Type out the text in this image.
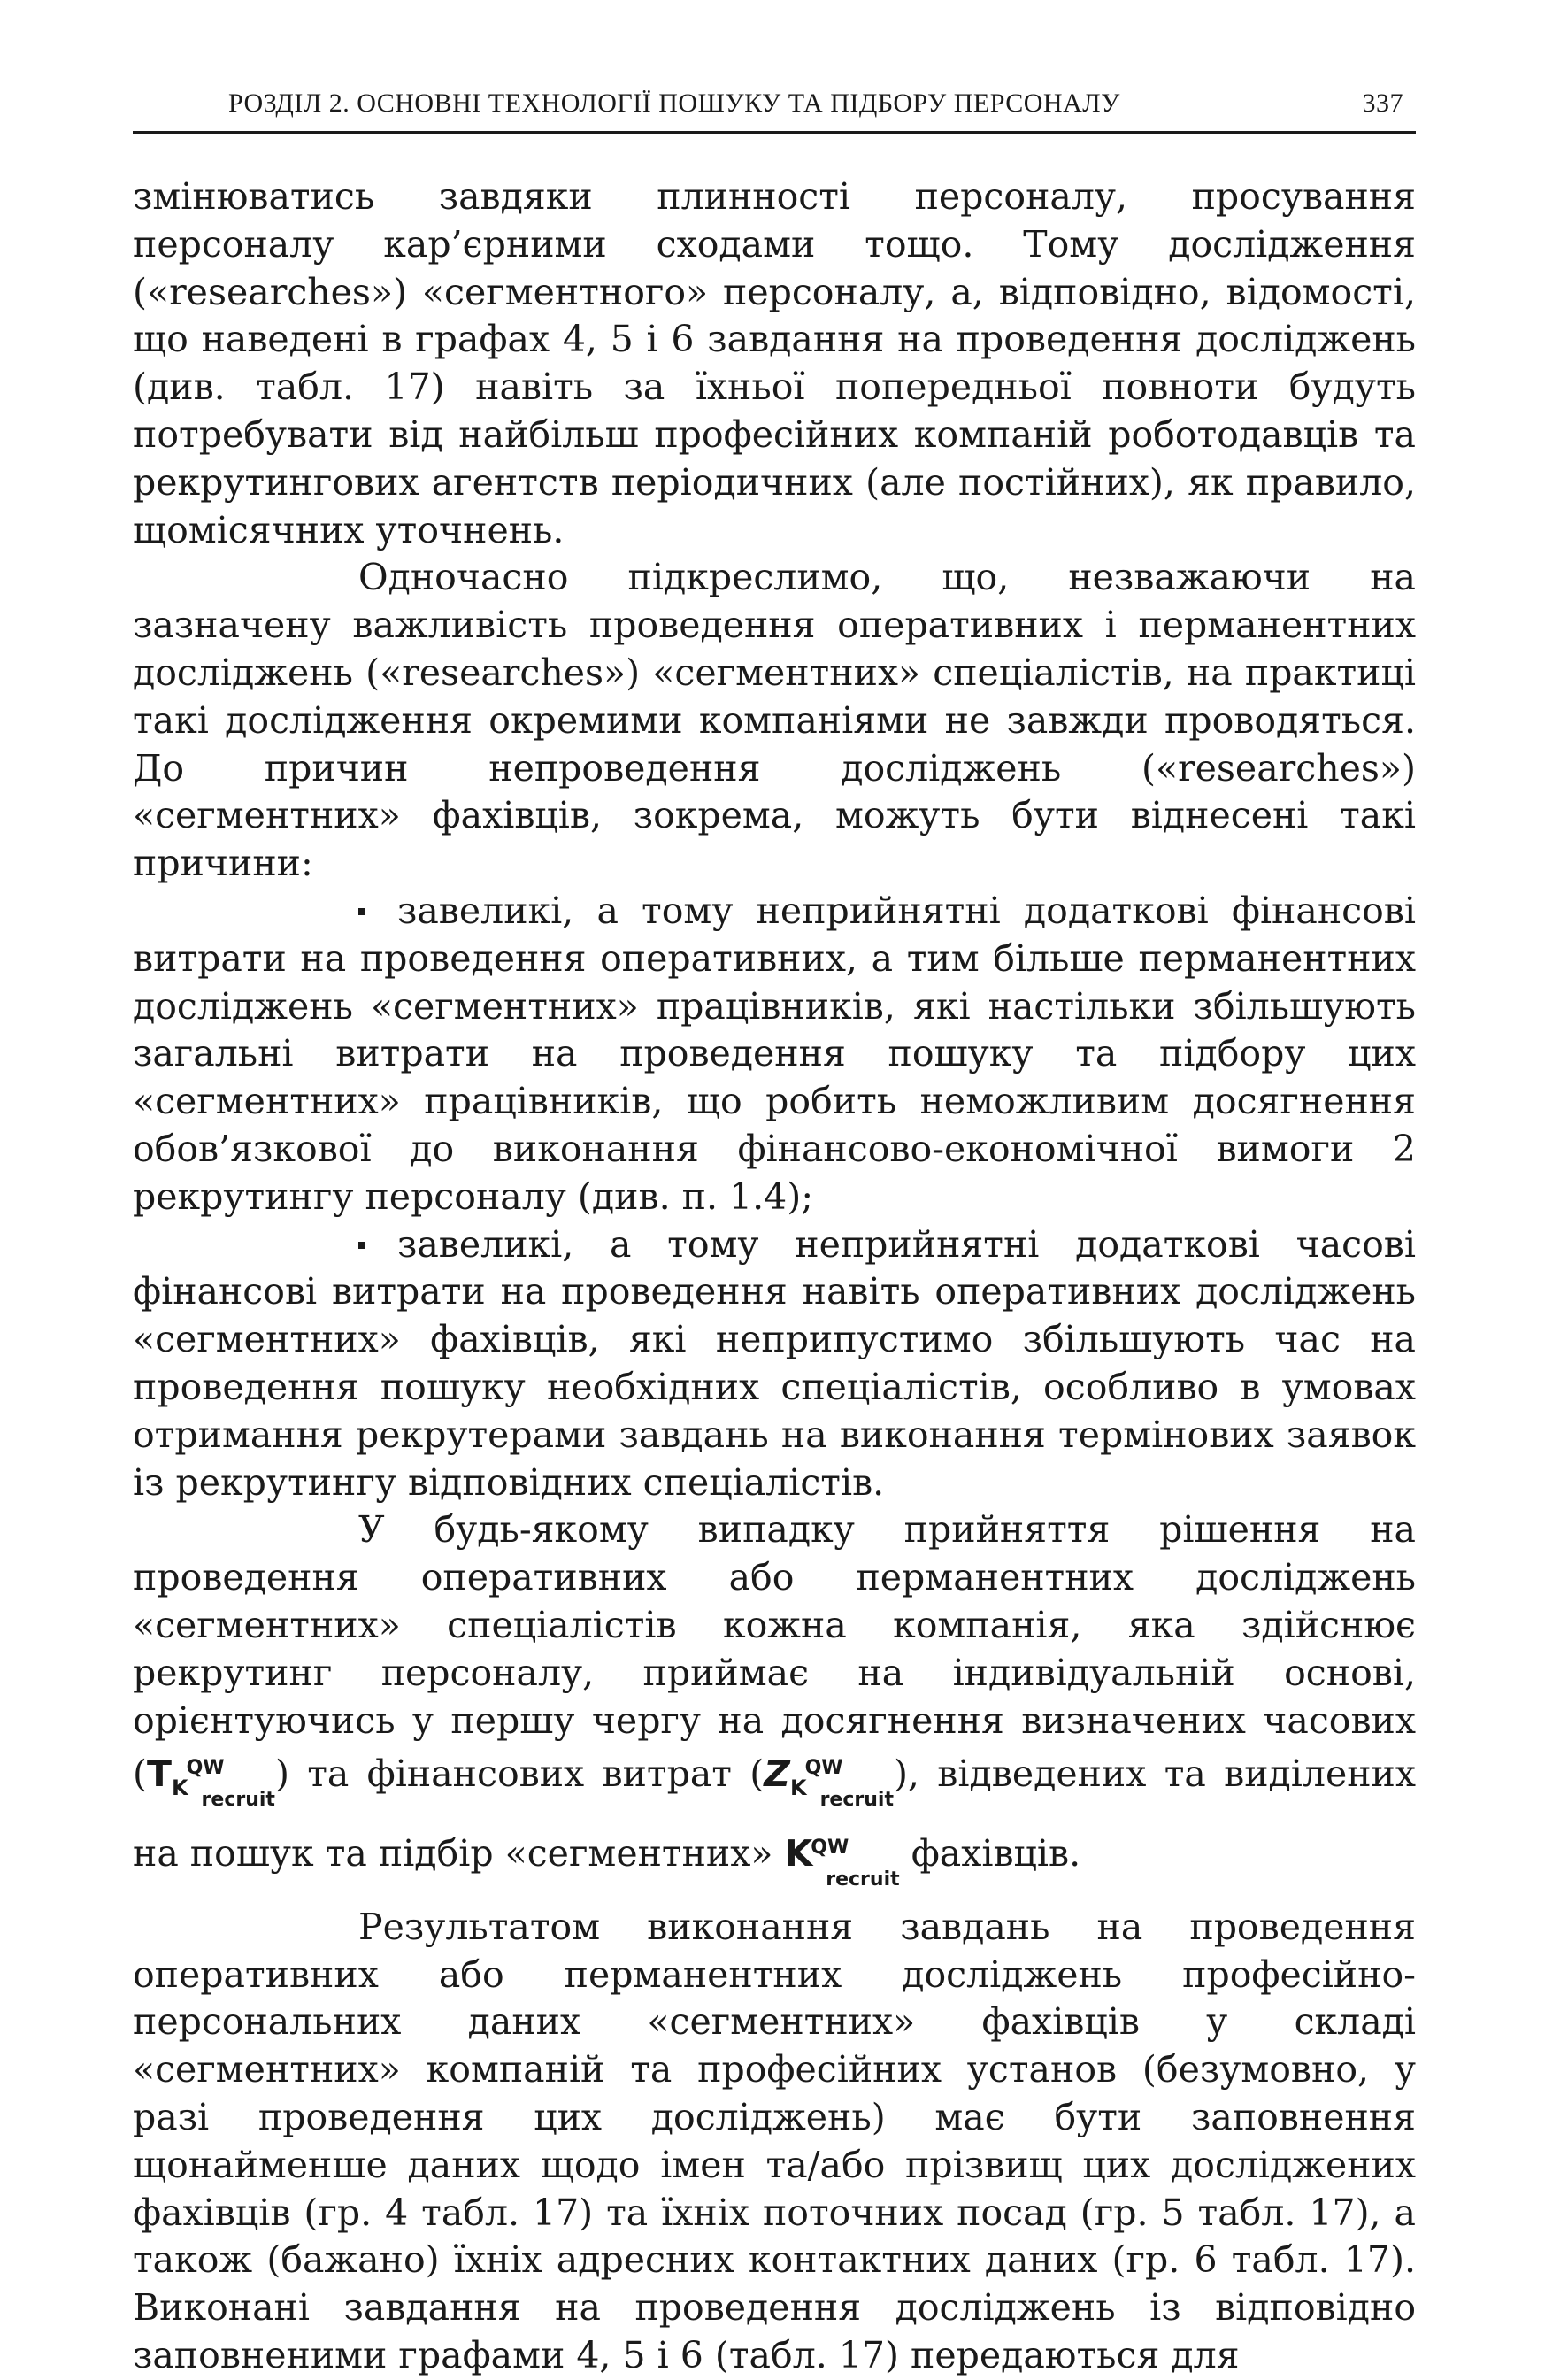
РОЗДІЛ 2. ОСНОВНІ ТЕХНОЛОГІЇ ПОШУКУ ТА ПІДБОРУ ПЕРСОНАЛУ	337

змінюватись завдяки плинності персоналу, просування персоналу кар’єрними сходами тощо. Тому дослідження («researches») «сегментного» персоналу, а, відповідно, відомості, що наведені в графах 4, 5 і 6 завдання на проведення досліджень (див. табл. 17) навіть за їхньої попередньої повноти будуть потребувати від найбільш професійних компаній роботодавців та рекрутингових агентств періодичних (але постійних), як правило, щомісячних уточнень.

Одночасно підкреслимо, що, незважаючи на зазначену важливість проведення оперативних і перманентних досліджень («researches») «сегментних» спеціалістів, на практиці такі дослідження окремими компаніями не завжди проводяться. До причин непроведення досліджень («researches») «сегментних» фахівців, зокрема, можуть бути віднесені такі причини:

завеликі, а тому неприйнятні додаткові фінансові витрати на проведення оперативних, а тим більше перманентних досліджень «сегментних» працівників, які настільки збільшують загальні витрати на проведення пошуку та підбору цих «сегментних» працівників, що робить неможливим досягнення обов’язкової до виконання фінансово-економічної вимоги 2 рекрутингу персоналу (див. п. 1.4);

завеликі, а тому неприйнятні додаткові часові фінансові витрати на проведення навіть оперативних досліджень «сегментних» фахівців, які неприпустимо збільшують час на проведення пошуку необхідних спеціалістів, особливо в умовах отримання рекрутерами завдань на виконання термінових заявок із рекрутингу відповідних спеціалістів.

У будь-якому випадку прийняття рішення на проведення оперативних або перманентних досліджень «сегментних» спеціалістів кожна компанія, яка здійснює рекрутинг персоналу, приймає на індивідуальній основі, орієнтуючись у першу чергу на досягнення визначених часових $(T_K^{QW}_{recruit})$ та фінансових витрат $(Z_K^{QW}_{recruit})$, відведених та виділених на пошук та підбір «сегментних» $K^{QW}_{recruit}$ фахівців.

Результатом виконання завдань на проведення оперативних або перманентних досліджень професійно-персональних даних «сегментних» фахівців у складі «сегментних» компаній та професійних установ (безумовно, у разі проведення цих досліджень) має бути заповнення щонайменше даних щодо імен та/або прізвищ цих досліджених фахівців (гр. 4 табл. 17) та їхніх поточних посад (гр. 5 табл. 17), а також (бажано) їхніх адресних контактних даних (гр. 6 табл. 17). Виконані завдання на проведення досліджень із відповідно заповненими графами 4, 5 і 6 (табл. 17) передаються для
